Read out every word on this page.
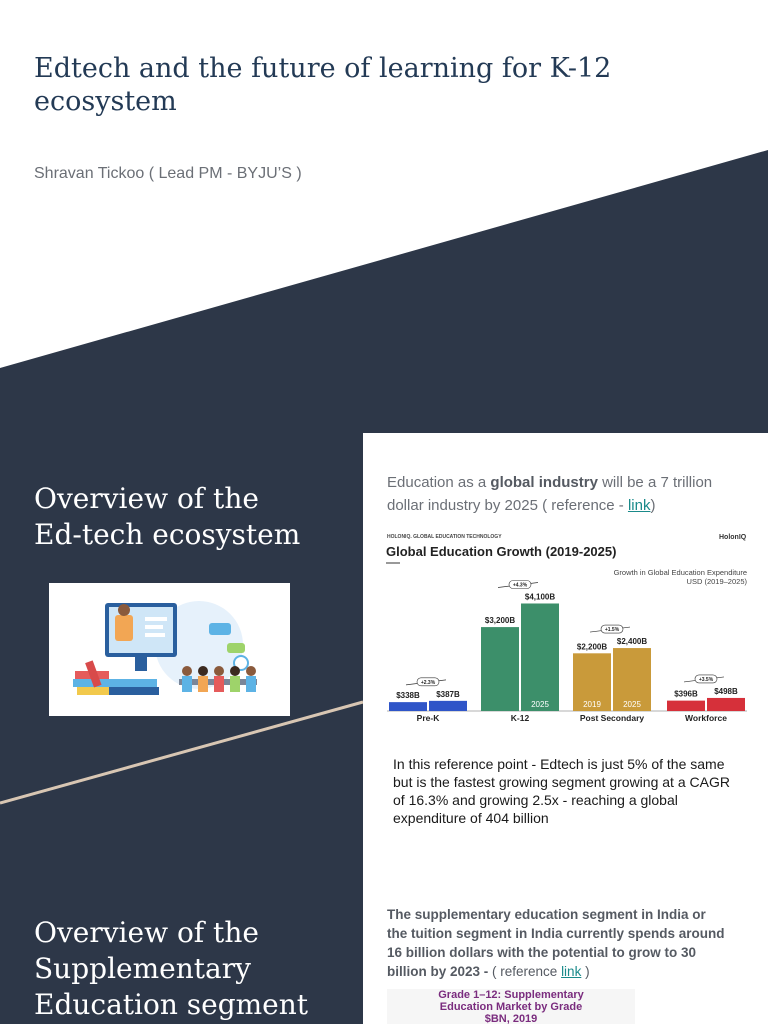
Edtech and the future of learning for K-12 ecosystem
Shravan Tickoo ( Lead PM - BYJU’S )
Overview of the
Ed-tech ecosystem
Education as a global industry will be a 7 trillion dollar industry by 2025 ( reference - link)
HOLONIQ. GLOBAL EDUCATION TECHNOLOGY	HolonIQ
Global Education Growth (2019-2025)
Growth in Global Education Expenditure
USD (2019–2025)
$338B $387B
+2.3%
Pre-K
$3,200B
$4,100B
+4.3%
K-12
2025
$2,200B
$2,400B
+1.5%
Post Secondary
2025
2019
$396B $498B
+3.5%
Workforce
In this reference point - Edtech is just 5% of the same but is the fastest growing segment growing at a CAGR of 16.3% and growing 2.5x - reaching a global expenditure of 404 billion
The supplementary education segment in India or the tuition segment in India currently spends around 16 billion dollars with the potential to grow to 30 billion by 2023 - ( reference link )
Grade 1–12: Supplementary
Education Market by Grade
$BN, 2019
Overview of the
Supplementary
Education segment
